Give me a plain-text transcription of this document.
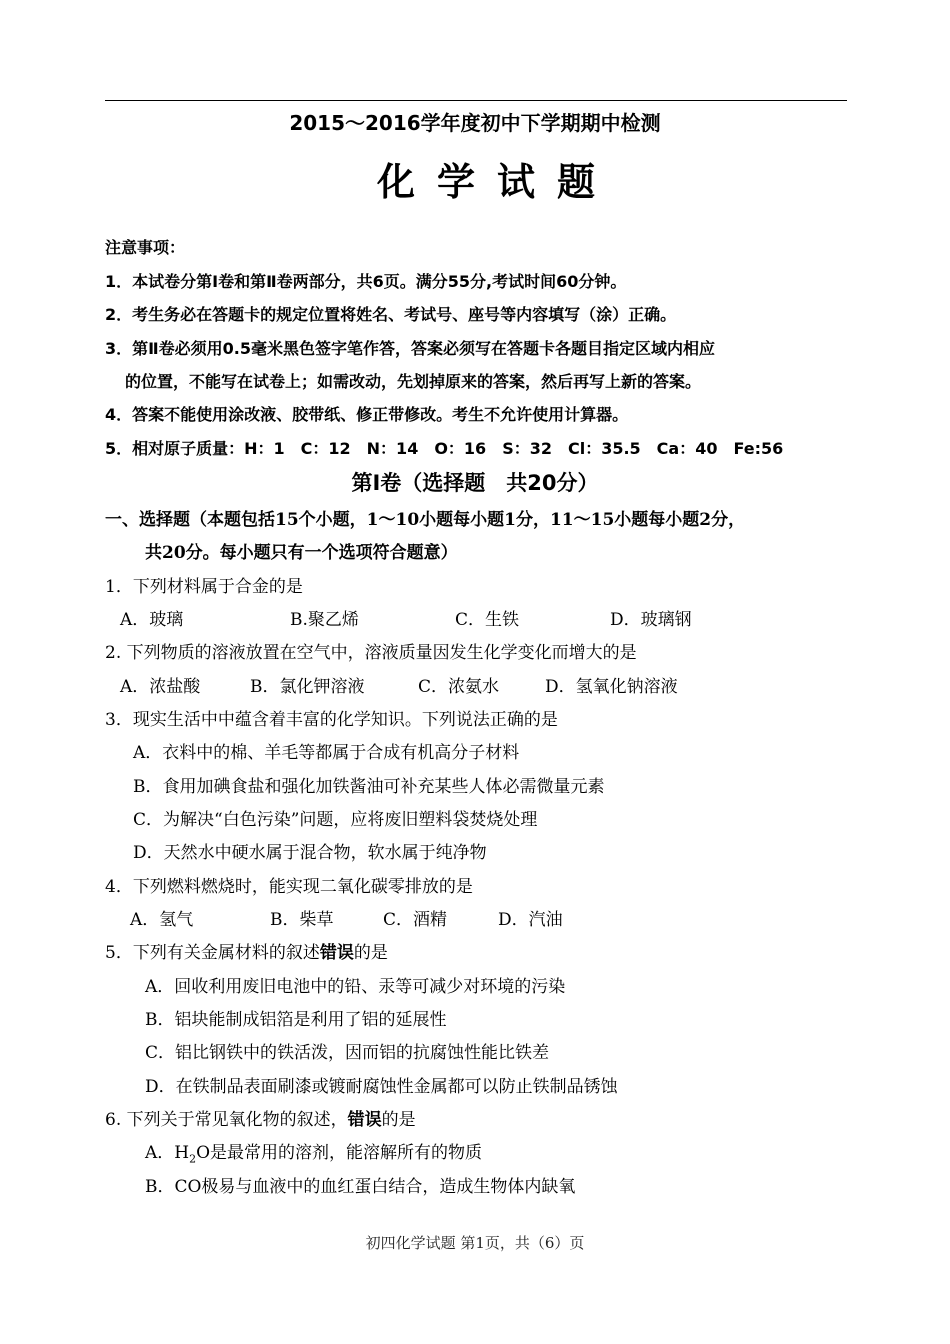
2015～2016学年度初中下学期期中检测
化学试题
注意事项：
1．本试卷分第Ⅰ卷和第Ⅱ卷两部分，共6页。满分55分,考试时间60分钟。
2．考生务必在答题卡的规定位置将姓名、考试号、座号等内容填写（涂）正确。
3．第Ⅱ卷必须用0.5毫米黑色签字笔作答，答案必须写在答题卡各题目指定区域内相应
的位置，不能写在试卷上；如需改动，先划掉原来的答案，然后再写上新的答案。
4．答案不能使用涂改液、胶带纸、修正带修改。考生不允许使用计算器。
5．相对原子质量：H：1　C：12　N：14　O：16　S：32　Cl：35.5　Ca：40　Fe:56
第Ⅰ卷（选择题　共20分）
一、选择题（本题包括15个小题，1～10小题每小题1分，11～15小题每小题2分，
共20分。每小题只有一个选项符合题意）
1．下列材料属于合金的是
A．玻璃	B.聚乙烯	C．生铁	D．玻璃钢
2. 下列物质的溶液放置在空气中，溶液质量因发生化学变化而增大的是
A．浓盐酸	B．氯化钾溶液	C．浓氨水	D．氢氧化钠溶液
3．现实生活中中蕴含着丰富的化学知识。下列说法正确的是
A．衣料中的棉、羊毛等都属于合成有机高分子材料
B．食用加碘食盐和强化加铁酱油可补充某些人体必需微量元素
C．为解决“白色污染”问题，应将废旧塑料袋焚烧处理
D．天然水中硬水属于混合物，软水属于纯净物
4．下列燃料燃烧时，能实现二氧化碳零排放的是
A．氢气	B．柴草	C．酒精	D．汽油
5．下列有关金属材料的叙述错误的是
A．回收利用废旧电池中的铅、汞等可减少对环境的污染
B．铝块能制成铝箔是利用了铝的延展性
C．铝比钢铁中的铁活泼，因而铝的抗腐蚀性能比铁差
D．在铁制品表面刷漆或镀耐腐蚀性金属都可以防止铁制品锈蚀
6. 下列关于常见氧化物的叙述，错误的是
A．$H_2O$是最常用的溶剂，能溶解所有的物质
B．CO极易与血液中的血红蛋白结合，造成生物体内缺氧
初四化学试题 第1页，共（6）页
